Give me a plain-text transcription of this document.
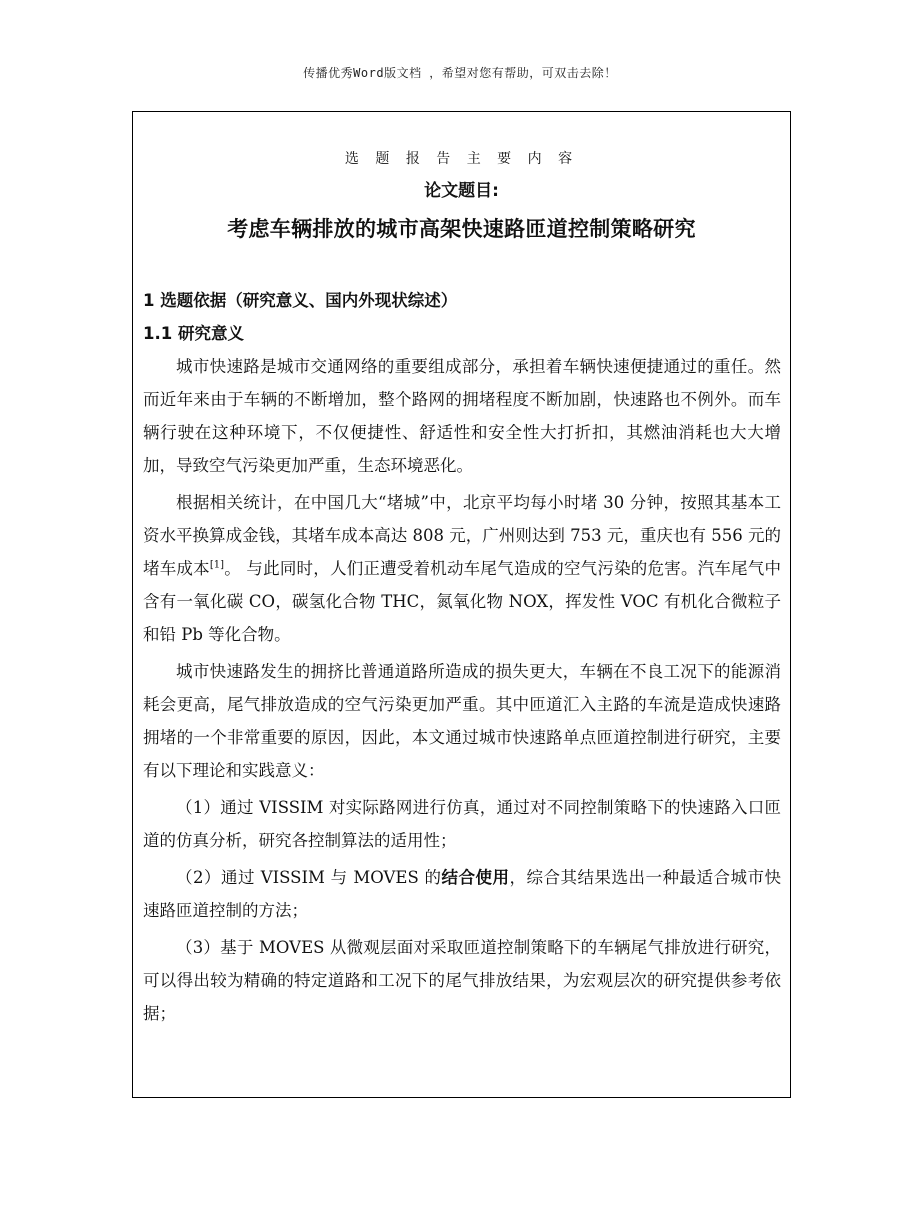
传播优秀Word版文档 ，希望对您有帮助，可双击去除！
选 题 报 告 主 要 内 容
论文题目:
考虑车辆排放的城市高架快速路匝道控制策略研究
1 选题依据（研究意义、国内外现状综述）
1.1 研究意义

城市快速路是城市交通网络的重要组成部分，承担着车辆快速便捷通过的重任。然而近年来由于车辆的不断增加，整个路网的拥堵程度不断加剧，快速路也不例外。而车辆行驶在这种环境下，不仅便捷性、舒适性和安全性大打折扣，其燃油消耗也大大增加，导致空气污染更加严重，生态环境恶化。

根据相关统计，在中国几大“堵城”中，北京平均每小时堵 30 分钟，按照其基本工资水平换算成金钱，其堵车成本高达 808 元，广州则达到 753 元，重庆也有 556 元的堵车成本[1]。 与此同时，人们正遭受着机动车尾气造成的空气污染的危害。汽车尾气中含有一氧化碳 CO，碳氢化合物 THC，氮氧化物 NOX，挥发性 VOC 有机化合微粒子和铅 Pb 等化合物。

城市快速路发生的拥挤比普通道路所造成的损失更大，车辆在不良工况下的能源消耗会更高，尾气排放造成的空气污染更加严重。其中匝道汇入主路的车流是造成快速路拥堵的一个非常重要的原因，因此，本文通过城市快速路单点匝道控制进行研究，主要有以下理论和实践意义：

（1）通过 VISSIM 对实际路网进行仿真，通过对不同控制策略下的快速路入口匝道的仿真分析，研究各控制算法的适用性；

（2）通过 VISSIM 与 MOVES 的结合使用，综合其结果选出一种最适合城市快速路匝道控制的方法；

（3）基于 MOVES 从微观层面对采取匝道控制策略下的车辆尾气排放进行研究，可以得出较为精确的特定道路和工况下的尾气排放结果，为宏观层次的研究提供参考依据；
